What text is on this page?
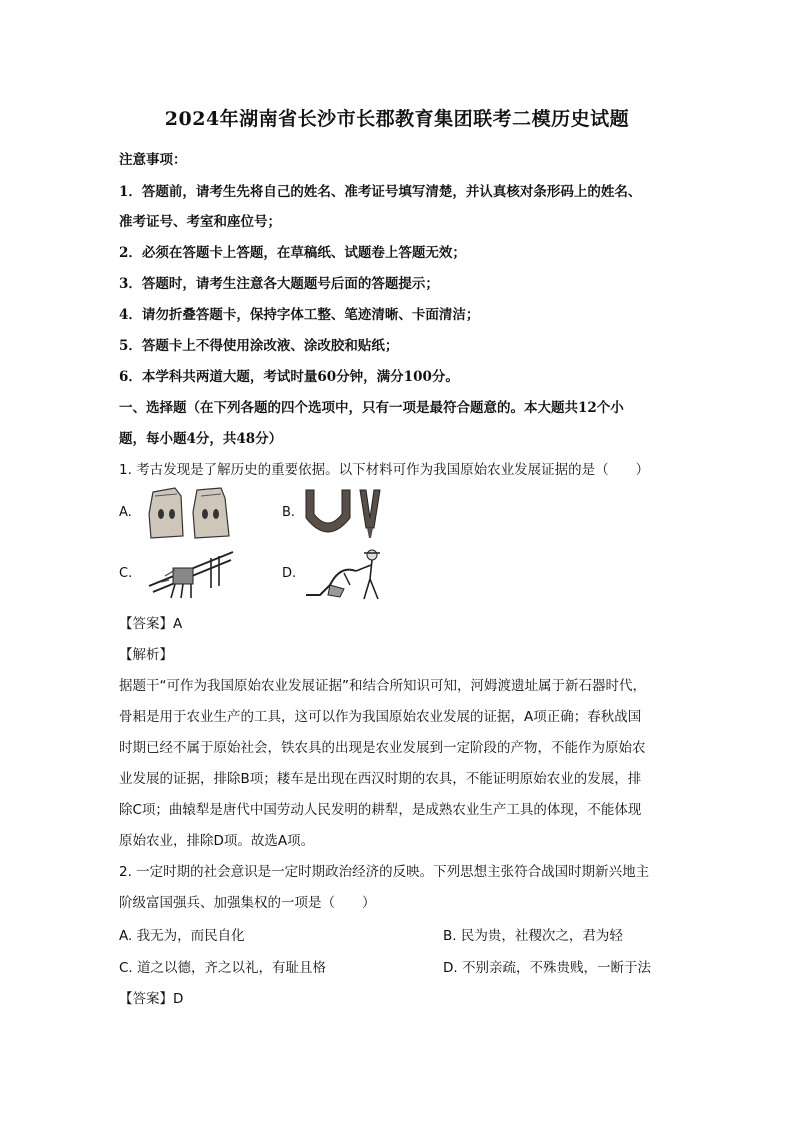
2024年湖南省长沙市长郡教育集团联考二模历史试题
注意事项：
1．答题前，请考生先将自己的姓名、准考证号填写清楚，并认真核对条形码上的姓名、
准考证号、考室和座位号；
2．必须在答题卡上答题，在草稿纸、试题卷上答题无效；
3．答题时，请考生注意各大题题号后面的答题提示；
4．请勿折叠答题卡，保持字体工整、笔迹清晰、卡面清洁；
5．答题卡上不得使用涂改液、涂改胶和贴纸；
6．本学科共两道大题，考试时量60分钟，满分100分。
一、选择题（在下列各题的四个选项中，只有一项是最符合题意的。本大题共12个小
题，每小题4分，共48分）
1. 考古发现是了解历史的重要依据。以下材料可作为我国原始农业发展证据的是（　　）
A.	B.
C.	D.
【答案】A
【解析】
据题干“可作为我国原始农业发展证据”和结合所知识可知，河姆渡遗址属于新石器时代，
骨耜是用于农业生产的工具，这可以作为我国原始农业发展的证据，A项正确；春秋战国
时期已经不属于原始社会，铁农具的出现是农业发展到一定阶段的产物，不能作为原始农
业发展的证据，排除B项；耧车是出现在西汉时期的农具，不能证明原始农业的发展，排
除C项；曲辕犁是唐代中国劳动人民发明的耕犁，是成熟农业生产工具的体现，不能体现
原始农业，排除D项。故选A项。
2. 一定时期的社会意识是一定时期政治经济的反映。下列思想主张符合战国时期新兴地主
阶级富国强兵、加强集权的一项是（　　）
A. 我无为，而民自化	B. 民为贵，社稷次之，君为轻
C. 道之以德，齐之以礼，有耻且格	D. 不别亲疏，不殊贵贱，一断于法
【答案】D
